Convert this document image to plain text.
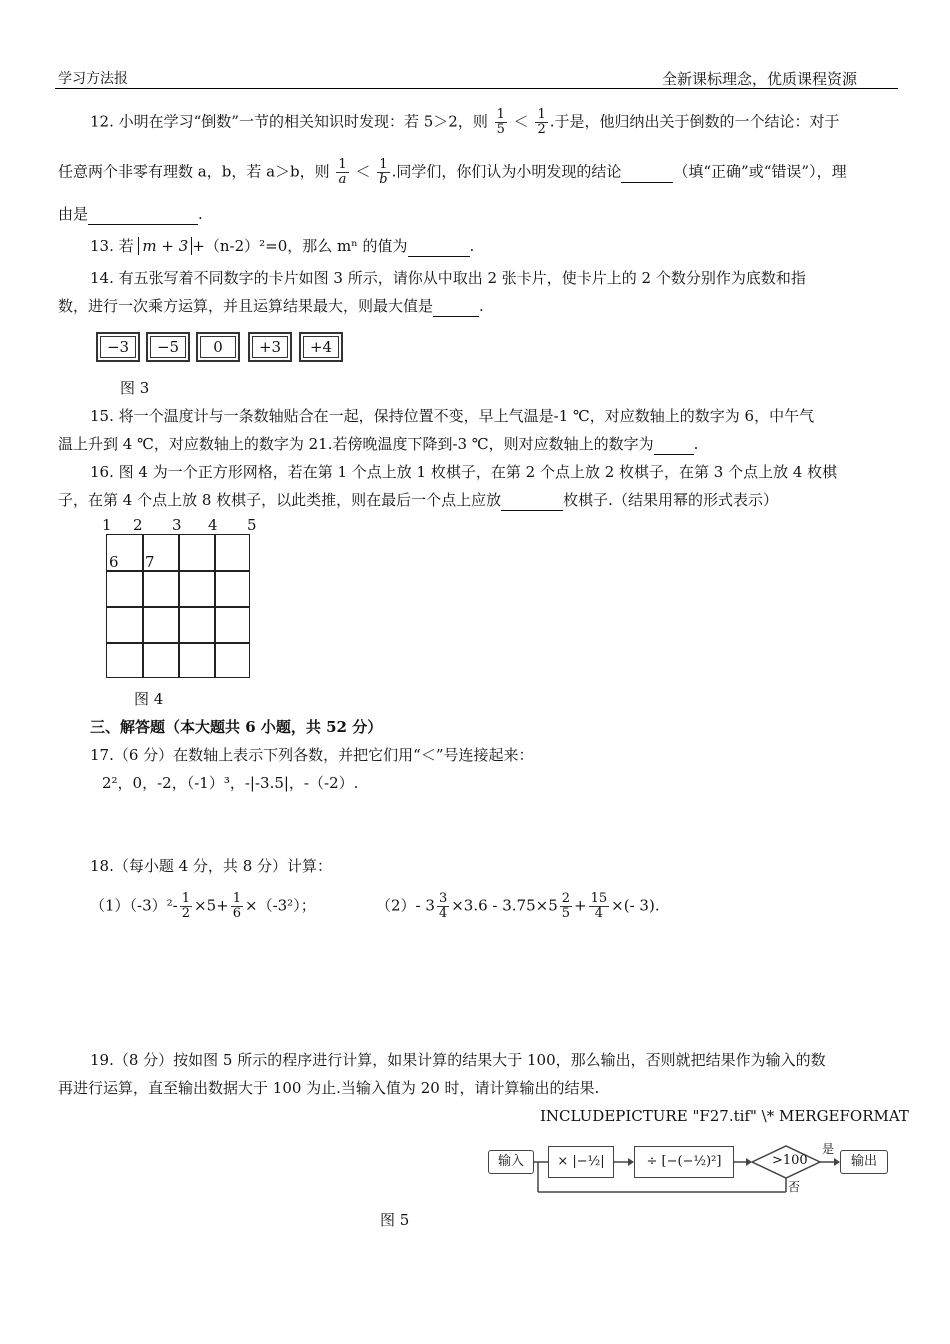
学习方法报	全新课标理念，优质课程资源
12. 小明在学习“倒数”一节的相关知识时发现：若 5＞2，则 $\frac{1}{5} < \frac{1}{2}$ .于是，他归纳出关于倒数的一个结论：对于
任意两个非零有理数 a，b，若 a＞b，则 $\frac{1}{a} < \frac{1}{b}$ .同学们，你们认为小明发现的结论	（填“正确”或“错误”），理
由是	.
13. 若 m + 3 +（n-2）²=0，那么 mⁿ 的值为	.
14. 有五张写着不同数字的卡片如图 3 所示，请你从中取出 2 张卡片，使卡片上的 2 个数分别作为底数和指
数，进行一次乘方运算，并且运算结果最大，则最大值是	.
−3	−5	0	+3	+4
图 3
15. 将一个温度计与一条数轴贴合在一起，保持位置不变，早上气温是-1 ℃，对应数轴上的数字为 6，中午气
温上升到 4 ℃，对应数轴上的数字为 21.若傍晚温度下降到-3 ℃，则对应数轴上的数字为	.
16. 图 4 为一个正方形网格，若在第 1 个点上放 1 枚棋子，在第 2 个点上放 2 枚棋子，在第 3 个点上放 4 枚棋
子，在第 4 个点上放 8 枚棋子，以此类推，则在最后一个点上应放	枚棋子.（结果用幂的形式表示）
1 2 3 4 5
6 7
图 4
三、解答题（本大题共 6 小题，共 52 分）
17.（6 分）在数轴上表示下列各数，并把它们用“＜”号连接起来：
2²，0，-2，（-1）³，-|-3.5|，-（-2）.
18.（每小题 4 分，共 8 分）计算：
$(1)(-3)^2- \frac{1}{2} \times 5+ \frac{1}{6} \times(-3^2)$；	（2）- $3 \frac{3}{4} \times 3.6 - 3.75\times 5 \frac{2}{5} + \frac{15}{4}$ ×(- 3).
19.（8 分）按如图 5 所示的程序进行计算，如果计算的结果大于 100，那么输出，否则就把结果作为输入的数
再进行运算，直至输出数据大于 100 为止.当输入值为 20 时，请计算输出的结果.
INCLUDEPICTURE "F27.tif" \* MERGEFORMAT
输入	× |−½|	÷ [−(−½)²]	>100
是
否
输出
图 5
